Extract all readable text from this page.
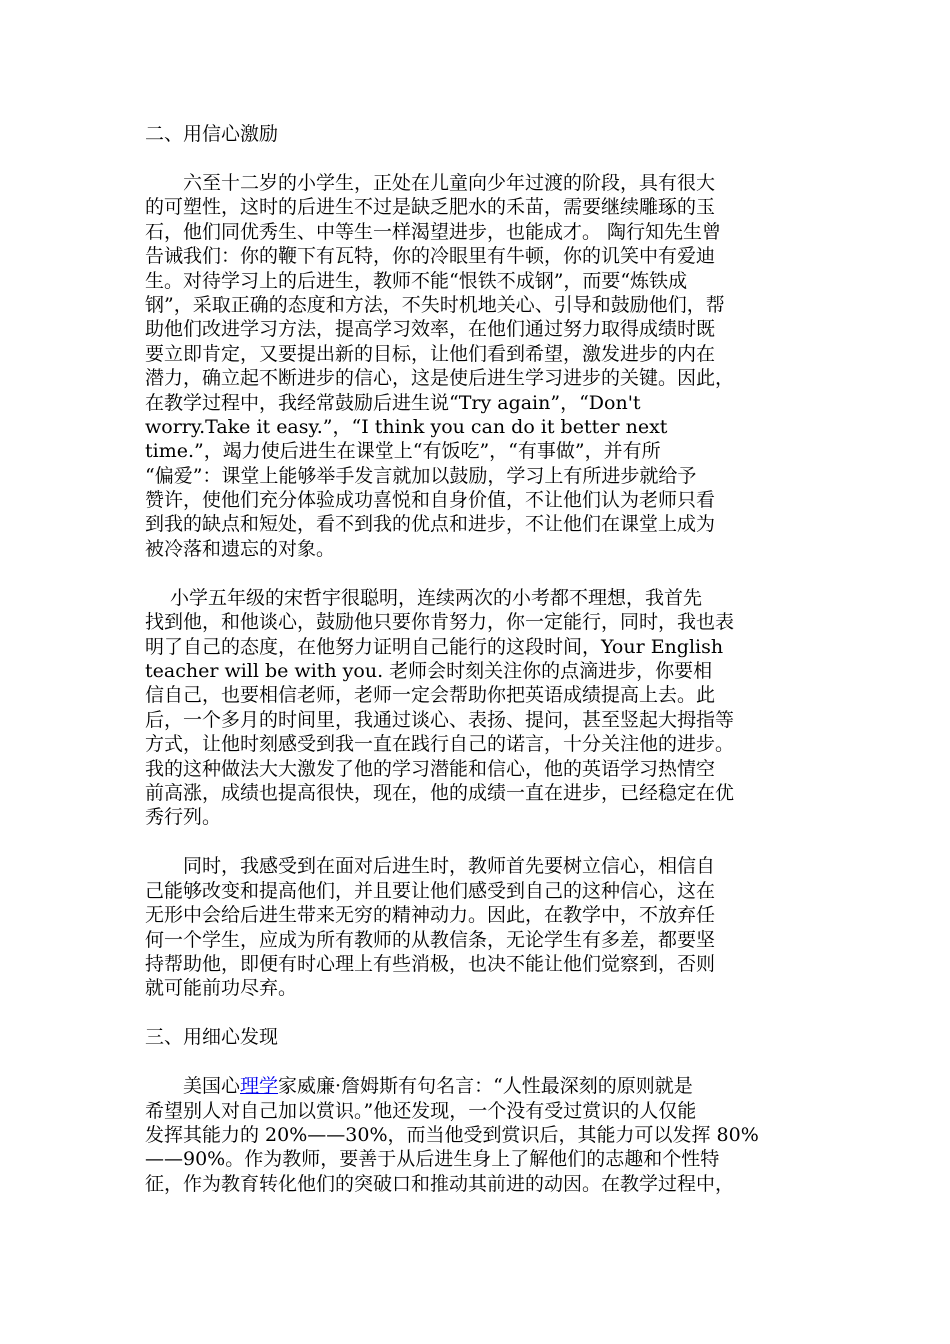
二、用信心激励
　　六至十二岁的小学生，正处在儿童向少年过渡的阶段，具有很大
的可塑性，这时的后进生不过是缺乏肥水的禾苗，需要继续雕琢的玉
石，他们同优秀生、中等生一样渴望进步，也能成才。 陶行知先生曾
告诫我们：你的鞭下有瓦特，你的冷眼里有牛顿，你的讥笑中有爱迪
生。对待学习上的后进生，教师不能“恨铁不成钢”，而要“炼铁成
钢”，采取正确的态度和方法，不失时机地关心、引导和鼓励他们，帮
助他们改进学习方法，提高学习效率，在他们通过努力取得成绩时既
要立即肯定，又要提出新的目标，让他们看到希望，激发进步的内在
潜力，确立起不断进步的信心，这是使后进生学习进步的关键。因此，
在教学过程中，我经常鼓励后进生说“Try again”，“Don't
worry.Take it easy.”，“I think you can do it better next
time.”，竭力使后进生在课堂上“有饭吃”，“有事做”，并有所
“偏爱”：课堂上能够举手发言就加以鼓励，学习上有所进步就给予
赞许，使他们充分体验成功喜悦和自身价值，不让他们认为老师只看
到我的缺点和短处，看不到我的优点和进步，不让他们在课堂上成为
被冷落和遗忘的对象。
　 小学五年级的宋哲宇很聪明，连续两次的小考都不理想，我首先
找到他，和他谈心，鼓励他只要你肯努力，你一定能行，同时，我也表
明了自己的态度，在他努力证明自己能行的这段时间，Your English
teacher will be with you. 老师会时刻关注你的点滴进步，你要相
信自己，也要相信老师，老师一定会帮助你把英语成绩提高上去。此
后，一个多月的时间里，我通过谈心、表扬、提问，甚至竖起大拇指等
方式，让他时刻感受到我一直在践行自己的诺言，十分关注他的进步。
我的这种做法大大激发了他的学习潜能和信心，他的英语学习热情空
前高涨，成绩也提高很快，现在，他的成绩一直在进步，已经稳定在优
秀行列。
　　同时，我感受到在面对后进生时，教师首先要树立信心，相信自
己能够改变和提高他们，并且要让他们感受到自己的这种信心，这在
无形中会给后进生带来无穷的精神动力。因此，在教学中，不放弃任
何一个学生，应成为所有教师的从教信条，无论学生有多差，都要坚
持帮助他，即便有时心理上有些消极，也决不能让他们觉察到，否则
就可能前功尽弃。
三、用细心发现
　　美国心理学家威廉·詹姆斯有句名言：“人性最深刻的原则就是
希望别人对自己加以赏识。”他还发现，一个没有受过赏识的人仅能
发挥其能力的 20%——30%，而当他受到赏识后，其能力可以发挥 80%
——90%。作为教师，要善于从后进生身上了解他们的志趣和个性特
征，作为教育转化他们的突破口和推动其前进的动因。在教学过程中，
